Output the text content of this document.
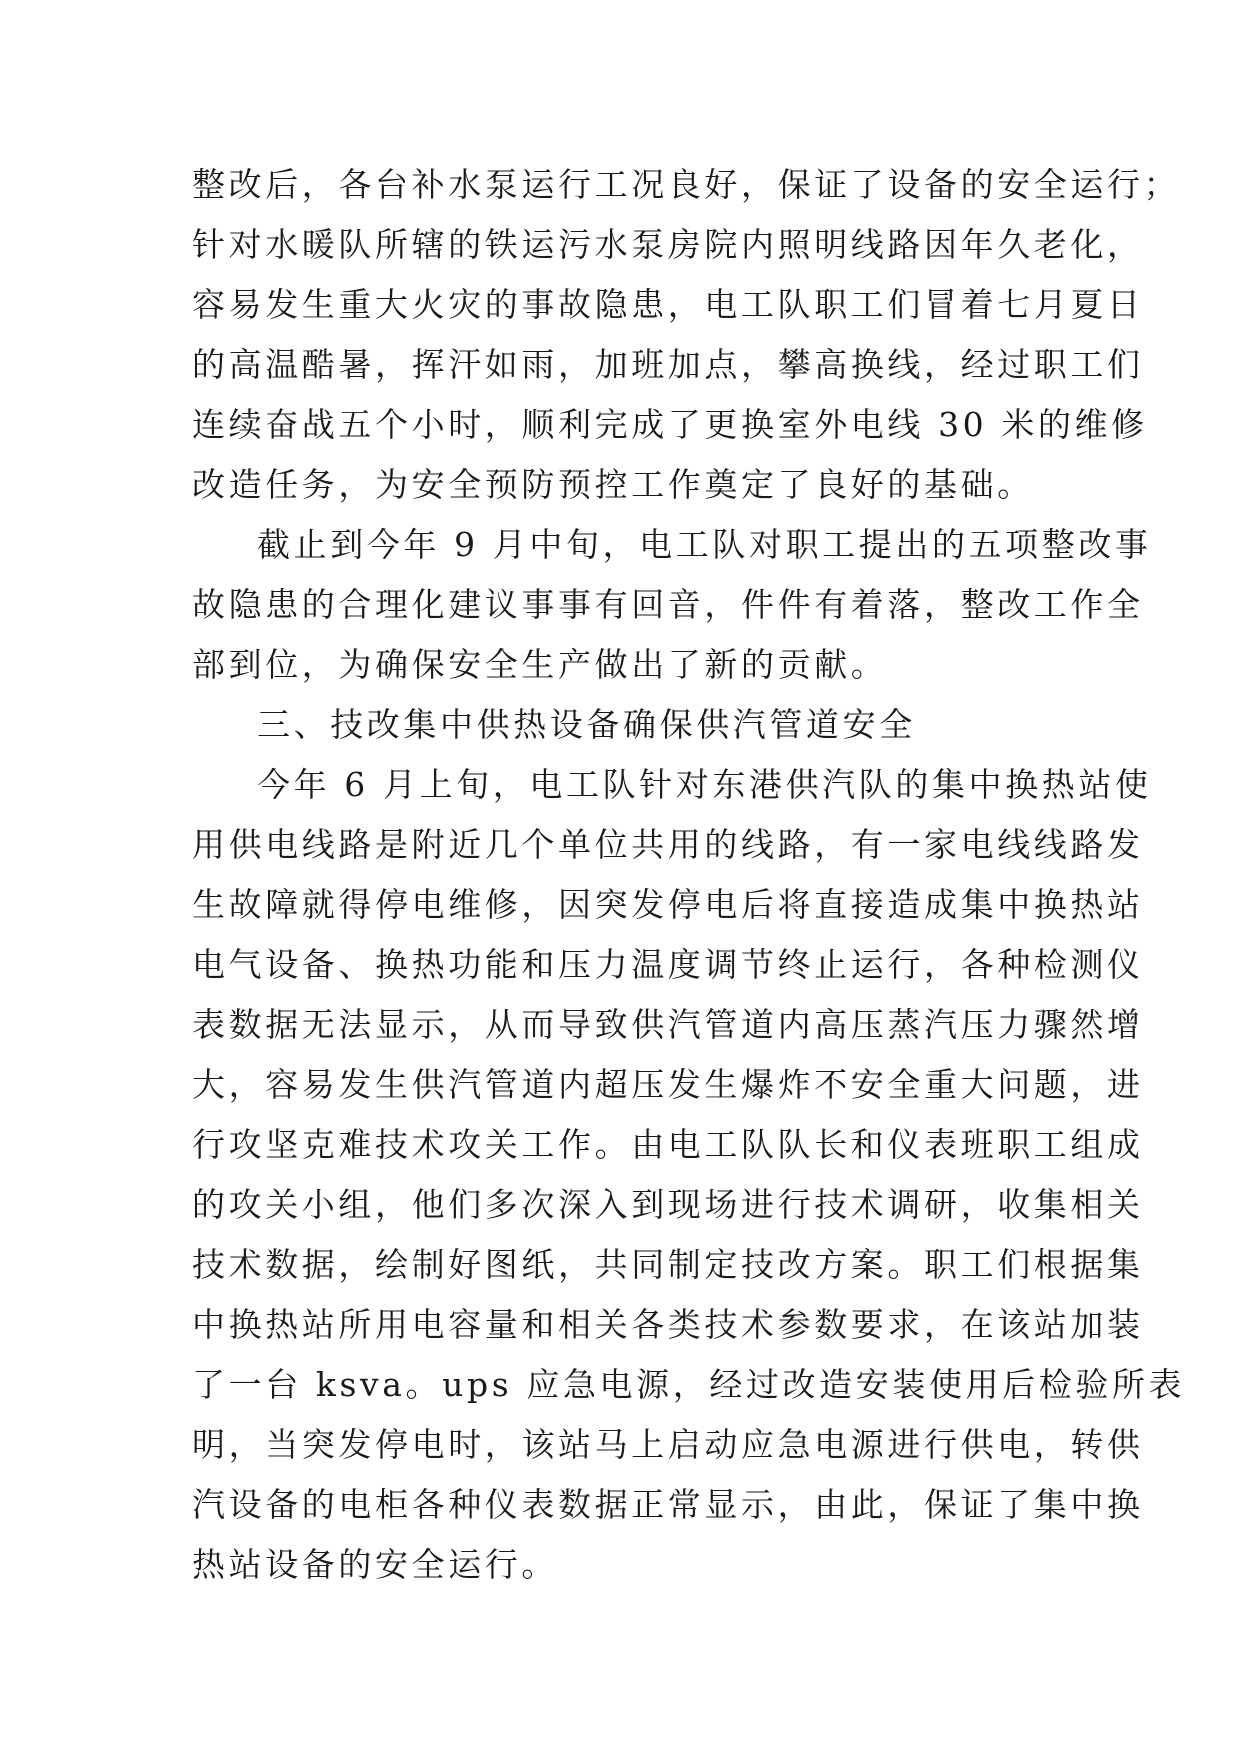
整改后，各台补水泵运行工况良好，保证了设备的安全运行；
针对水暖队所辖的铁运污水泵房院内照明线路因年久老化，
容易发生重大火灾的事故隐患，电工队职工们冒着七月夏日
的高温酷暑，挥汗如雨，加班加点，攀高换线，经过职工们
连续奋战五个小时，顺利完成了更换室外电线 30 米的维修
改造任务，为安全预防预控工作奠定了良好的基础。
截止到今年 9 月中旬，电工队对职工提出的五项整改事
故隐患的合理化建议事事有回音，件件有着落，整改工作全
部到位，为确保安全生产做出了新的贡献。
三、技改集中供热设备确保供汽管道安全
今年 6 月上旬，电工队针对东港供汽队的集中换热站使
用供电线路是附近几个单位共用的线路，有一家电线线路发
生故障就得停电维修，因突发停电后将直接造成集中换热站
电气设备、换热功能和压力温度调节终止运行，各种检测仪
表数据无法显示，从而导致供汽管道内高压蒸汽压力骤然增
大，容易发生供汽管道内超压发生爆炸不安全重大问题，进
行攻坚克难技术攻关工作。由电工队队长和仪表班职工组成
的攻关小组，他们多次深入到现场进行技术调研，收集相关
技术数据，绘制好图纸，共同制定技改方案。职工们根据集
中换热站所用电容量和相关各类技术参数要求，在该站加装
了一台 ksva。ups 应急电源，经过改造安装使用后检验所表
明，当突发停电时，该站马上启动应急电源进行供电，转供
汽设备的电柜各种仪表数据正常显示，由此，保证了集中换
热站设备的安全运行。
